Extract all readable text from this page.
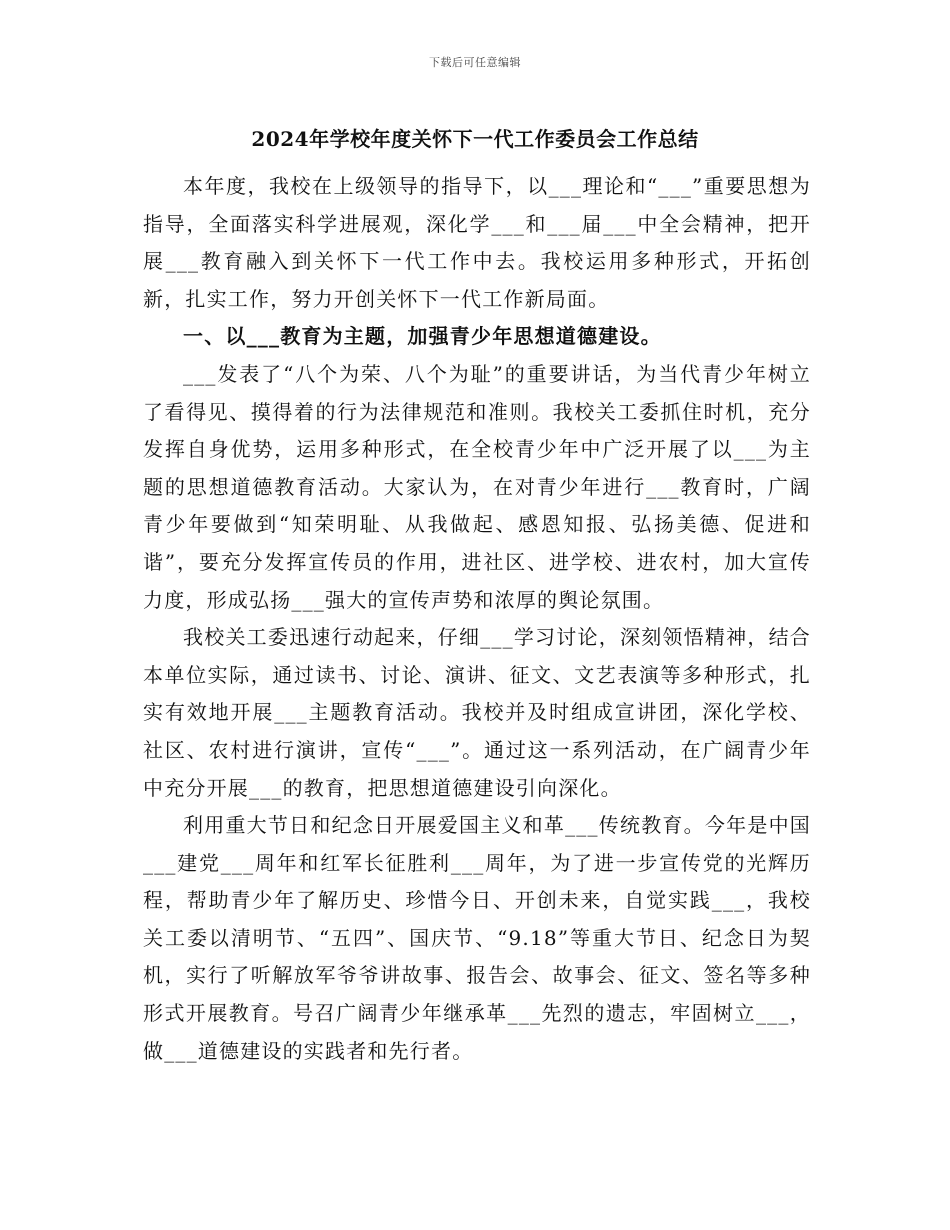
下载后可任意编辑
2024年学校年度关怀下一代工作委员会工作总结

本年度，我校在上级领导的指导下，以___理论和“___”重要思想为指导，全面落实科学进展观，深化学___和___届___中全会精神，把开展___教育融入到关怀下一代工作中去。我校运用多种形式，开拓创新，扎实工作，努力开创关怀下一代工作新局面。

一、以___教育为主题，加强青少年思想道德建设。

___发表了“八个为荣、八个为耻”的重要讲话，为当代青少年树立了看得见、摸得着的行为法律规范和准则。我校关工委抓住时机，充分发挥自身优势，运用多种形式，在全校青少年中广泛开展了以___为主题的思想道德教育活动。大家认为，在对青少年进行___教育时，广阔青少年要做到“知荣明耻、从我做起、感恩知报、弘扬美德、促进和谐”，要充分发挥宣传员的作用，进社区、进学校、进农村，加大宣传力度，形成弘扬___强大的宣传声势和浓厚的舆论氛围。

我校关工委迅速行动起来，仔细___学习讨论，深刻领悟精神，结合本单位实际，通过读书、讨论、演讲、征文、文艺表演等多种形式，扎实有效地开展___主题教育活动。我校并及时组成宣讲团，深化学校、社区、农村进行演讲，宣传“___”。通过这一系列活动，在广阔青少年中充分开展___的教育，把思想道德建设引向深化。

利用重大节日和纪念日开展爱国主义和革___传统教育。今年是中国___建党___周年和红军长征胜利___周年，为了进一步宣传党的光辉历程，帮助青少年了解历史、珍惜今日、开创未来，自觉实践___，我校关工委以清明节、“五四”、国庆节、“9.18”等重大节日、纪念日为契机，实行了听解放军爷爷讲故事、报告会、故事会、征文、签名等多种形式开展教育。号召广阔青少年继承革___先烈的遗志，牢固树立___，做___道德建设的实践者和先行者。
